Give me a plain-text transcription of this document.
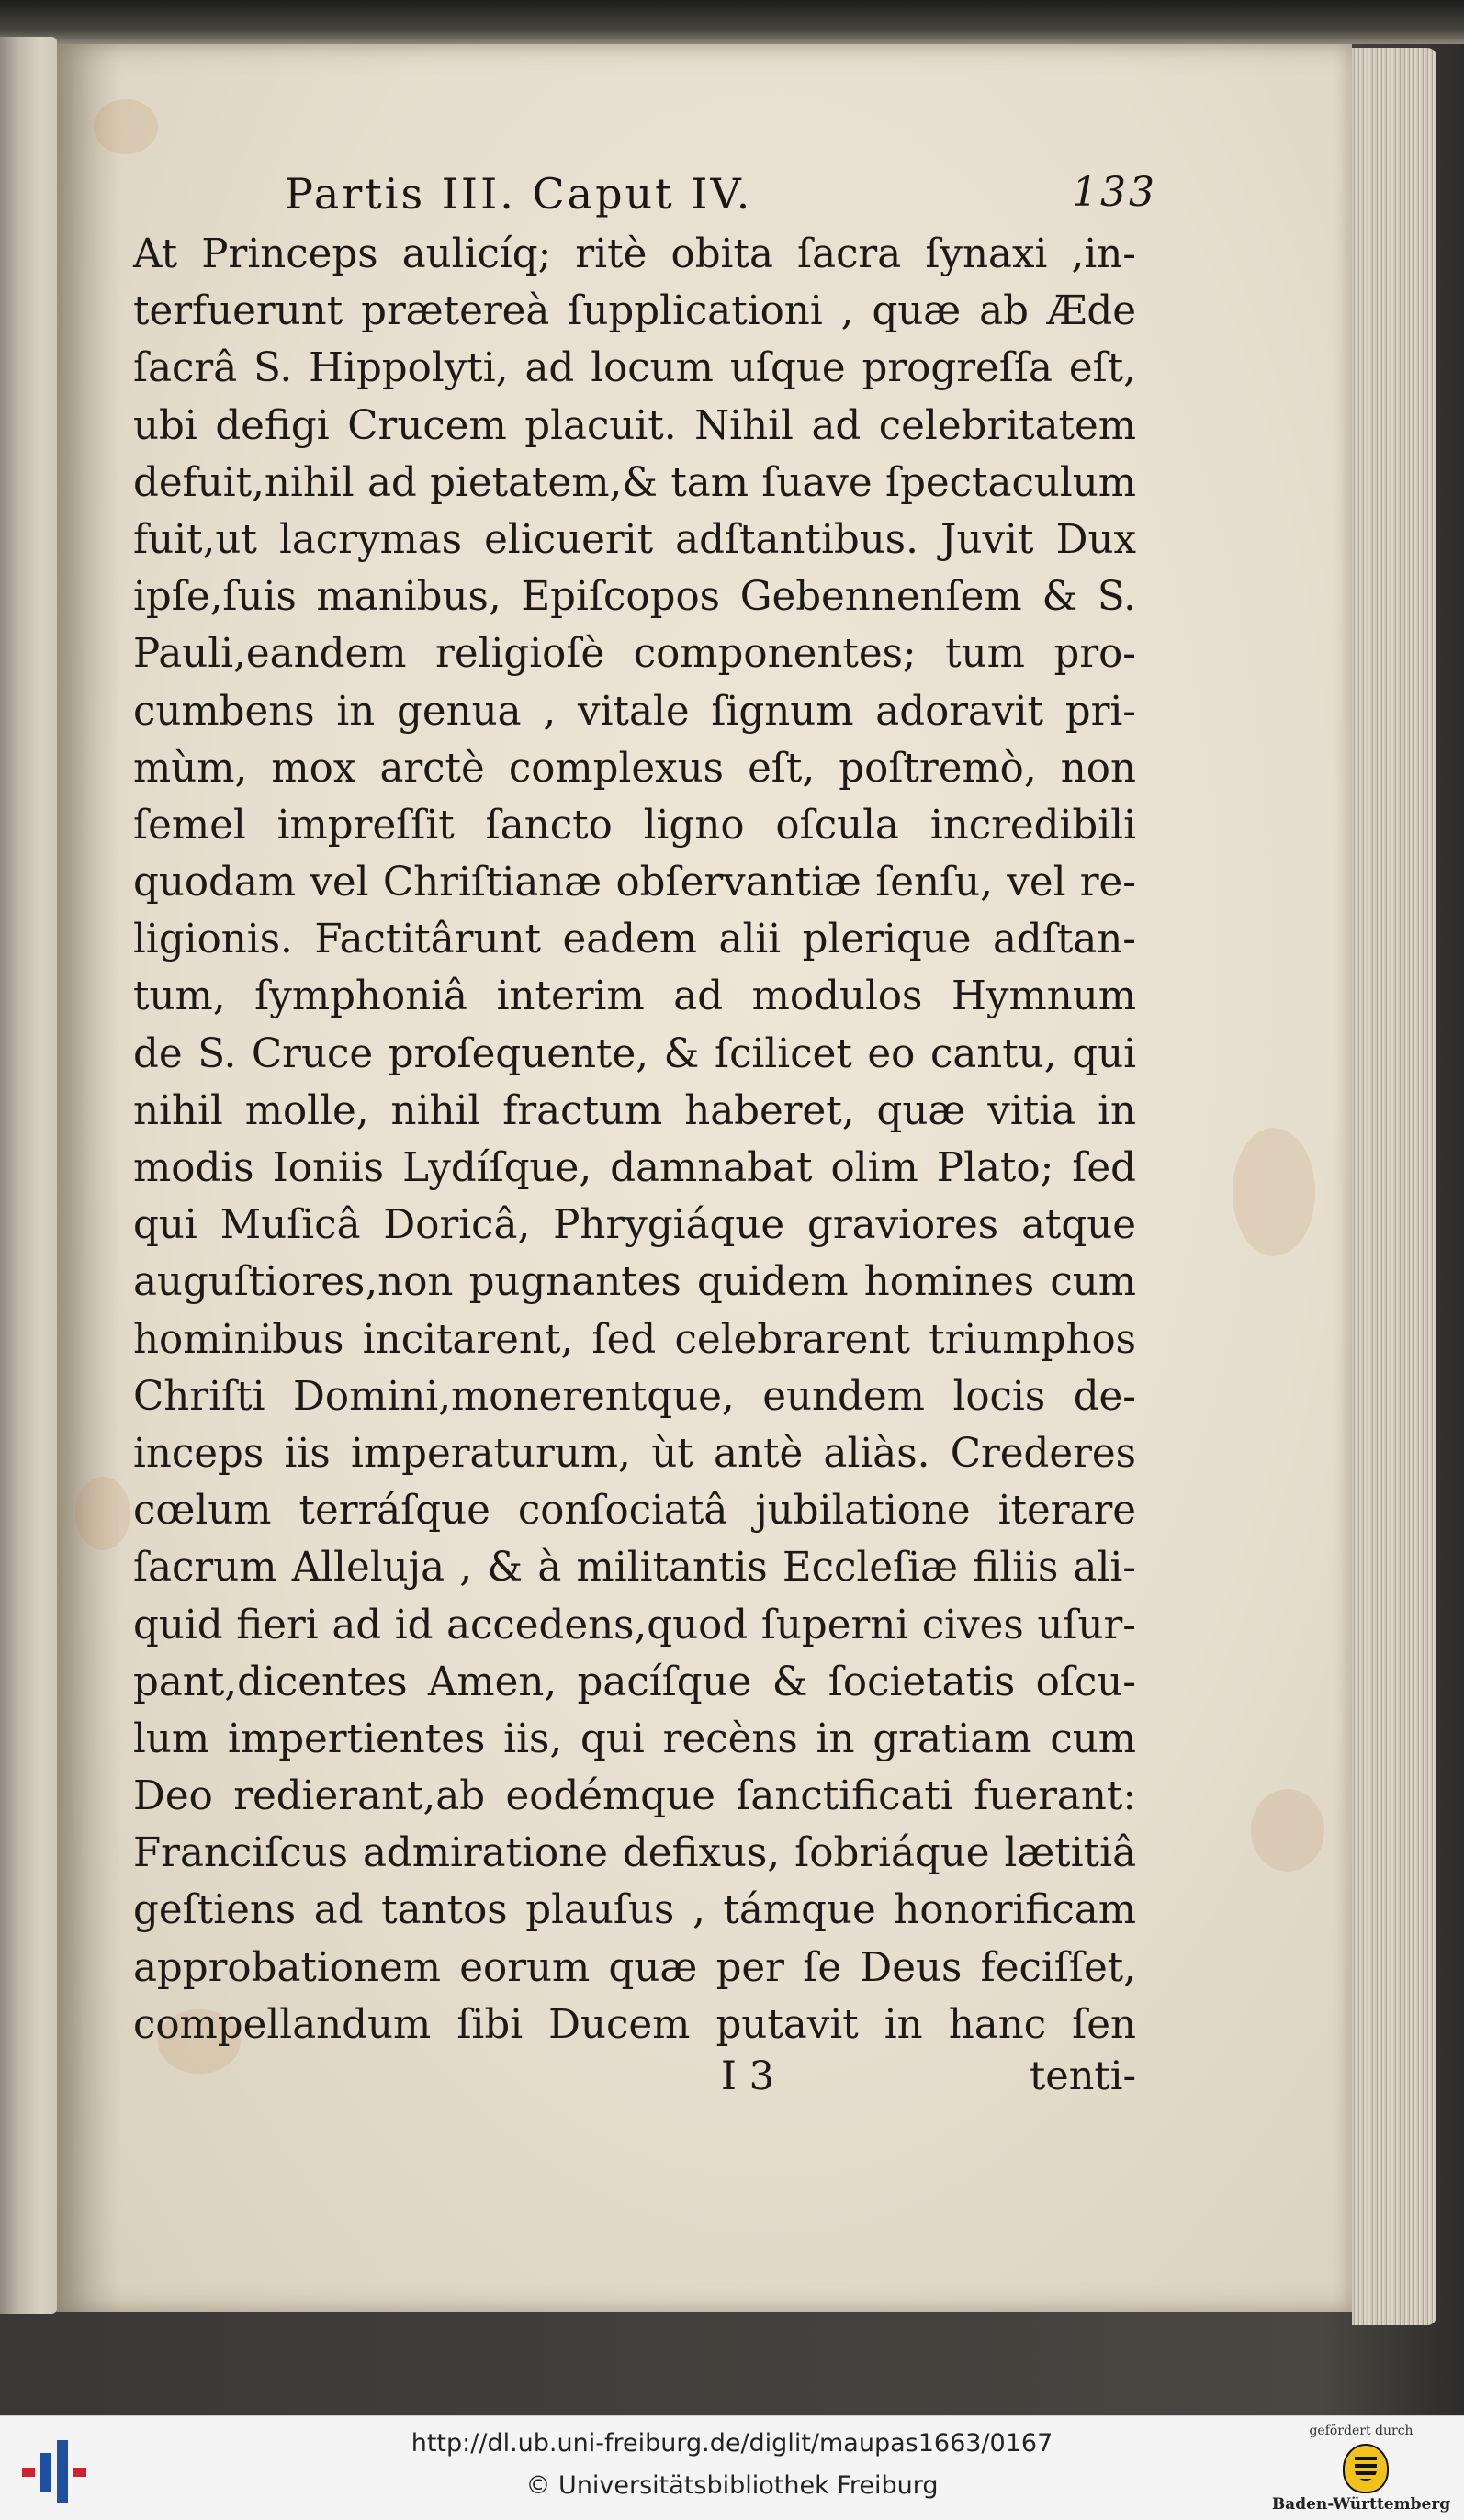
Partis III. Caput IV.	133
At Princeps aulicíq; ritè obita ſacra ſynaxi ,in-
terfuerunt prætereà ſupplicationi , quæ ab Æde
ſacrâ S. Hippolyti, ad locum uſque progreſſa eſt,
ubi defigi Crucem placuit. Nihil ad celebritatem
defuit,nihil ad pietatem,& tam ſuave ſpectaculum
fuit,ut lacrymas elicuerit adſtantibus. Juvit Dux
ipſe,ſuis manibus, Epiſcopos Gebennenſem & S.
Pauli,eandem religioſè componentes; tum pro-
cumbens in genua , vitale ſignum adoravit pri-
mùm, mox arctè complexus eſt, poſtremò, non
ſemel impreſſit ſancto ligno oſcula incredibili
quodam vel Chriſtianæ obſervantiæ ſenſu, vel re-
ligionis. Factitârunt eadem alii plerique adſtan-
tum, ſymphoniâ interim ad modulos Hymnum
de S. Cruce proſequente, & ſcilicet eo cantu, qui
nihil molle, nihil fractum haberet, quæ vitia in
modis Ioniis Lydíſque, damnabat olim Plato; ſed
qui Muſicâ Doricâ, Phrygiáque graviores atque
auguſtiores,non pugnantes quidem homines cum
hominibus incitarent, ſed celebrarent triumphos
Chriſti Domini,monerentque, eundem locis de-
inceps iis imperaturum, ùt antè aliàs. Crederes
cœlum terráſque conſociatâ jubilatione iterare
ſacrum Alleluja , & à militantis Eccleſiæ filiis ali-
quid fieri ad id accedens,quod ſuperni cives uſur-
pant,dicentes Amen, pacíſque & ſocietatis oſcu-
lum impertientes iis, qui recèns in gratiam cum
Deo redierant,ab eodémque ſanctificati fuerant:
Franciſcus admiratione defixus, ſobriáque lætitiâ
geſtiens ad tantos plauſus , támque honorificam
approbationem eorum quæ per ſe Deus feciſſet,
compellandum ſibi Ducem putavit in hanc ſen
I 3	tenti-
http://dl.ub.uni-freiburg.de/diglit/maupas1663/0167
© Universitätsbibliothek Freiburg
gefördert durch
Baden-Württemberg
